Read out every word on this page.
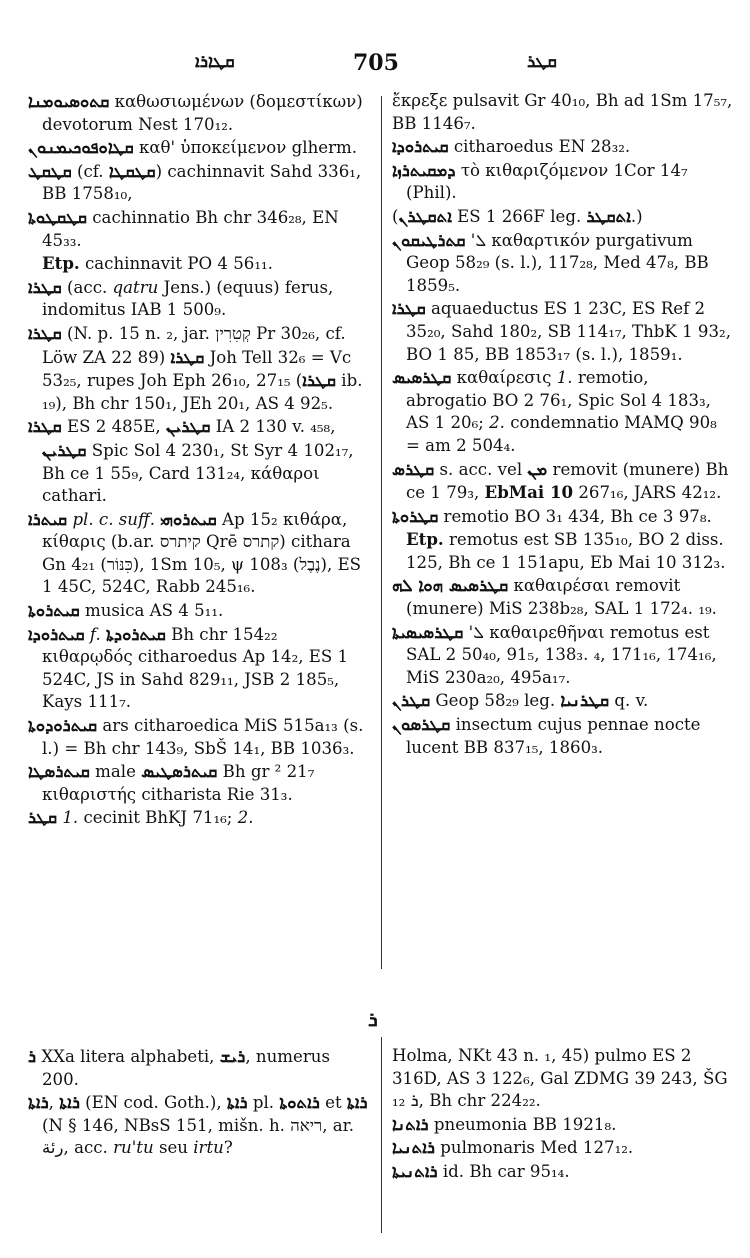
ܩܛܐܪܐ	705	ܩܛܪ

ܩܬܘܣܝܘܡܢܐ καθωσιωμένων (δομεστίκων) devotorum Nest 170₁₂.

ܩܛܐܘܦܘܟܝܡܢܘܢ καθ' ὑποκείμενον glherm.

ܩܛܩܛ (cf. ܩܛܩܛܐ) cachinnavit Sahd 336₁, BB 1758₁₀,

ܩܛܩܛܘܬܐ cachinnatio Bh chr 346₂₈, EN 45₃₃.

Etp. cachinnavit PO 4 56₁₁.

ܩܛܪܐ (acc. qatru Jens.) (equus) ferus, indomitus IAB 1 500₉.

ܩܛܪܐ (N. p. 15 n. ₂, jar. קְטִרִין Pr 30₂₆, cf. Löw ZA 22 89) ܩܛܪܐ Joh Tell 32₆ = Vc 53₂₅, rupes Joh Eph 26₁₀, 27₁₅ (ܩܛܪܐ ib. ₁₉), Bh chr 150₁, JEh 20₁, AS 4 92₅.

ܩܛܪܐ ES 2 485E, ܩܛܪܝܢ IA 2 130 v. ₄₅₈, ܩܛܪܝܢ Spic Sol 4 230₁, St Syr 4 102₁₇, Bh ce 1 55₉, Card 131₂₄, κάθαροι cathari.

ܩܝܬܪܐ pl. c. suff. ܩܝܬܪܘܗܝ Ap 15₂ κιθάρα, κίθαρις (b.ar. קיתרס Qrē קתרס) cithara Gn 4₂₁ (כִּנּוֹר), 1Sm 10₅, ψ 108₃ (נֶבֶל), ES 1 45C, 524C, Rabb 245₁₆.

ܩܝܬܪܘܬܐ musica AS 4 5₁₁.

ܩܝܬܪܘܕܐ f. ܩܝܬܪܘܕܬܐ Bh chr 154₂₂ κιθαρῳδός citharoedus Ap 14₂, ES 1 524C, JS in Sahd 829₁₁, JSB 2 185₅, Kays 111₇.

ܩܝܬܪܘܕܘܬܐ ars citharoedica MiS 515a₁₃ (s. l.) = Bh chr 143₉, SbŠ 14₁, BB 1036₃.

ܩܝܬܪܣܛܐ male ܩܝܬܪܣܛܝܣ Bh gr ² 21₇ κιθαριστής citharista Rie 31₃.

ܩܛܪ 1. cecinit BhKJ 71₁₆; 2.

ἔκρεξε pulsavit Gr 40₁₀, Bh ad 1Sm 17₅₇, BB 1146₇.

ܩܝܬܪܘܕܐ citharoedus EN 28₃₂.

ܕܡܩܝܬܪܙܐ τὸ κιθαριζόμενον 1Cor 14₇ (Phil).

(ܐܬܩܛܪܢ ES 1 266F leg. ܐܬܩܛܪ.)

ܩܬܪܛܝܩܘܢ 'ܠ καθαρτικόν purgativum Geop 58₂₉ (s. l.), 117₂₈, Med 47₈, BB 1859₅.

ܩܛܪܐ aquaeductus ES 1 23C, ES Ref 2 35₂₀, Sahd 180₂, SB 114₁₇, ThbK 1 93₂, BO 1 85, BB 1853₁₇ (s. l.), 1859₁.

ܩܛܪܣܝܣ καθαίρεσις 1. remotio, abrogatio BO 2 76₁, Spic Sol 4 183₃, AS 1 20₆; 2. condemnatio MAMQ 90₈ = am 2 504₄.

ܩܛܪܣ s. acc. vel ܡܢ removit (munere) Bh ce 1 79₃, EbMai 10 267₁₆, JARS 42₁₂.

ܩܛܪܘܬܐ remotio BO 3₁ 434, Bh ce 3 97₈.

Etp. remotus est SB 135₁₀, BO 2 diss. 125, Bh ce 1 151apu, Eb Mai 10 312₃.

ܩܛܪܣܝܣ ܗܘܐ ܠܗ καθαιρέσαι removit (munere) MiS 238b₂₈, SAL 1 172₄. ₁₉.

ܩܛܪܣܝܣܝܬܐ 'ܠ καθαιρεθῆναι remotus est SAL 2 50₄₀, 91₅, 138₃. ₄, 171₁₆, 174₁₆, MiS 230a₂₀, 495a₁₇.

ܩܛܪܢ Geop 58₂₉ leg. ܩܛܪܢܝܐ q. v.

ܩܛܪܣܘܢ insectum cujus pennae nocte lucent BB 837₁₅, 1860₃.

ܪ

ܪ XXa litera alphabeti, ܪܝܫ, numerus 200.

ܪܐܬܐ, ܪܐܬܐ (EN cod. Goth.), ܪܐܬܐ pl. ܪܐܬܘܬܐ et ܪܐܬܐ (N § 146, NBsS 151, mišn. h. ריאה, ar. رئة, acc. ru'tu seu irtu?

Holma, NKt 43 n. ₁, 45) pulmo ES 2 316D, AS 3 122₆, Gal ZDMG 39 243, ŠG ܪ ₁₂, Bh chr 224₂₂.

ܪܐܬܢܐ pneumonia BB 1921₈.

ܪܐܬܢܝܐ pulmonaris Med 127₁₂.

ܪܐܬܢܝܬܐ id. Bh car 95₁₄.
